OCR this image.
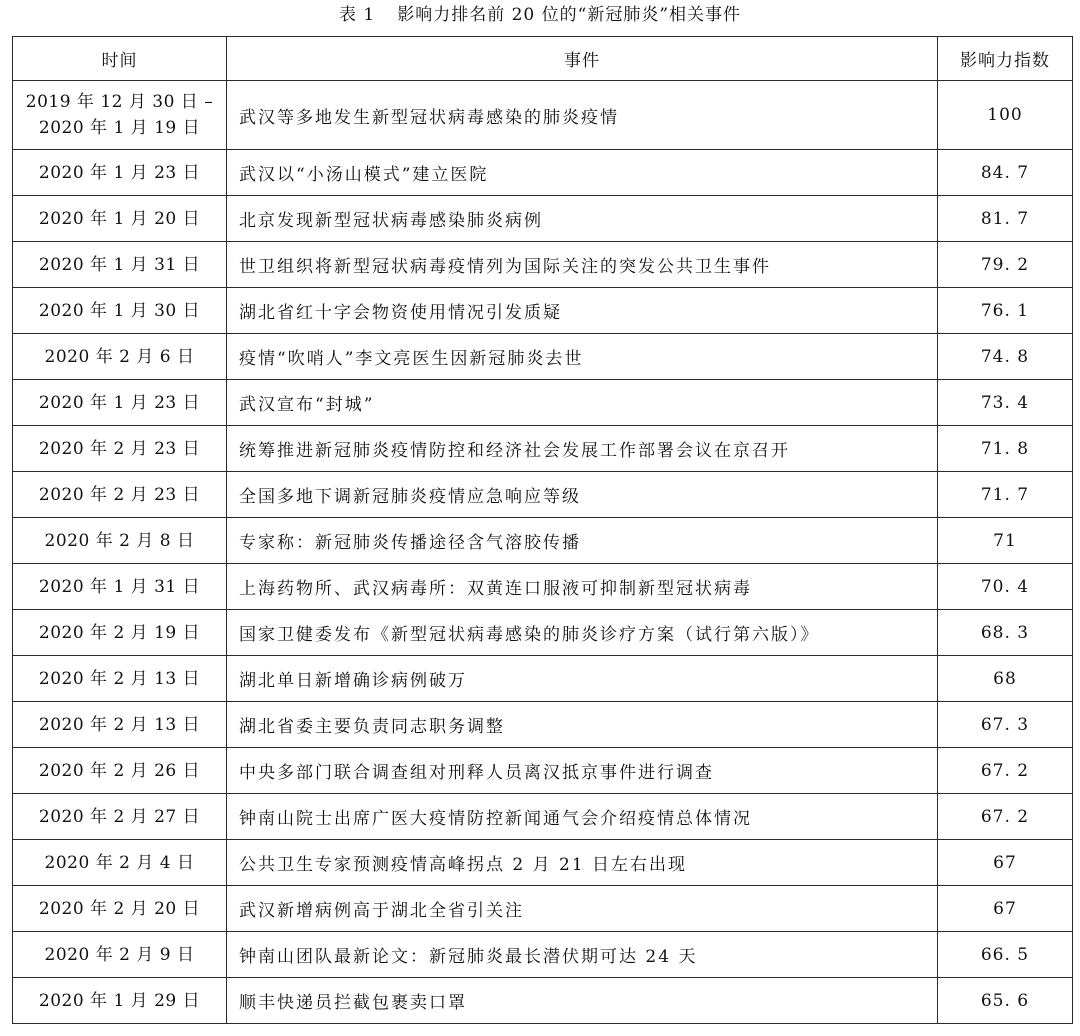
表 1 影响力排名前 20 位的“新冠肺炎”相关事件
时间	事件	影响力指数

2019 年 12 月 30 日 –
2020 年 1 月 19 日	武汉等多地发生新型冠状病毒感染的肺炎疫情	100
2020 年 1 月 23 日	武汉以“小汤山模式”建立医院	84. 7
2020 年 1 月 20 日	北京发现新型冠状病毒感染肺炎病例	81. 7
2020 年 1 月 31 日	世卫组织将新型冠状病毒疫情列为国际关注的突发公共卫生事件	79. 2
2020 年 1 月 30 日	湖北省红十字会物资使用情况引发质疑	76. 1
2020 年 2 月 6 日	疫情“吹哨人”李文亮医生因新冠肺炎去世	74. 8
2020 年 1 月 23 日	武汉宣布“封城”	73. 4
2020 年 2 月 23 日	统筹推进新冠肺炎疫情防控和经济社会发展工作部署会议在京召开	71. 8
2020 年 2 月 23 日	全国多地下调新冠肺炎疫情应急响应等级	71. 7
2020 年 2 月 8 日	专家称：新冠肺炎传播途径含气溶胶传播	71
2020 年 1 月 31 日	上海药物所、武汉病毒所：双黄连口服液可抑制新型冠状病毒	70. 4
2020 年 2 月 19 日	国家卫健委发布《新型冠状病毒感染的肺炎诊疗方案（试行第六版）》	68. 3
2020 年 2 月 13 日	湖北单日新增确诊病例破万	68
2020 年 2 月 13 日	湖北省委主要负责同志职务调整	67. 3
2020 年 2 月 26 日	中央多部门联合调查组对刑释人员离汉抵京事件进行调查	67. 2
2020 年 2 月 27 日	钟南山院士出席广医大疫情防控新闻通气会介绍疫情总体情况	67. 2
2020 年 2 月 4 日	公共卫生专家预测疫情高峰拐点 2 月 21 日左右出现	67
2020 年 2 月 20 日	武汉新增病例高于湖北全省引关注	67
2020 年 2 月 9 日	钟南山团队最新论文：新冠肺炎最长潜伏期可达 24 天	66. 5
2020 年 1 月 29 日	顺丰快递员拦截包裹卖口罩	65. 6
